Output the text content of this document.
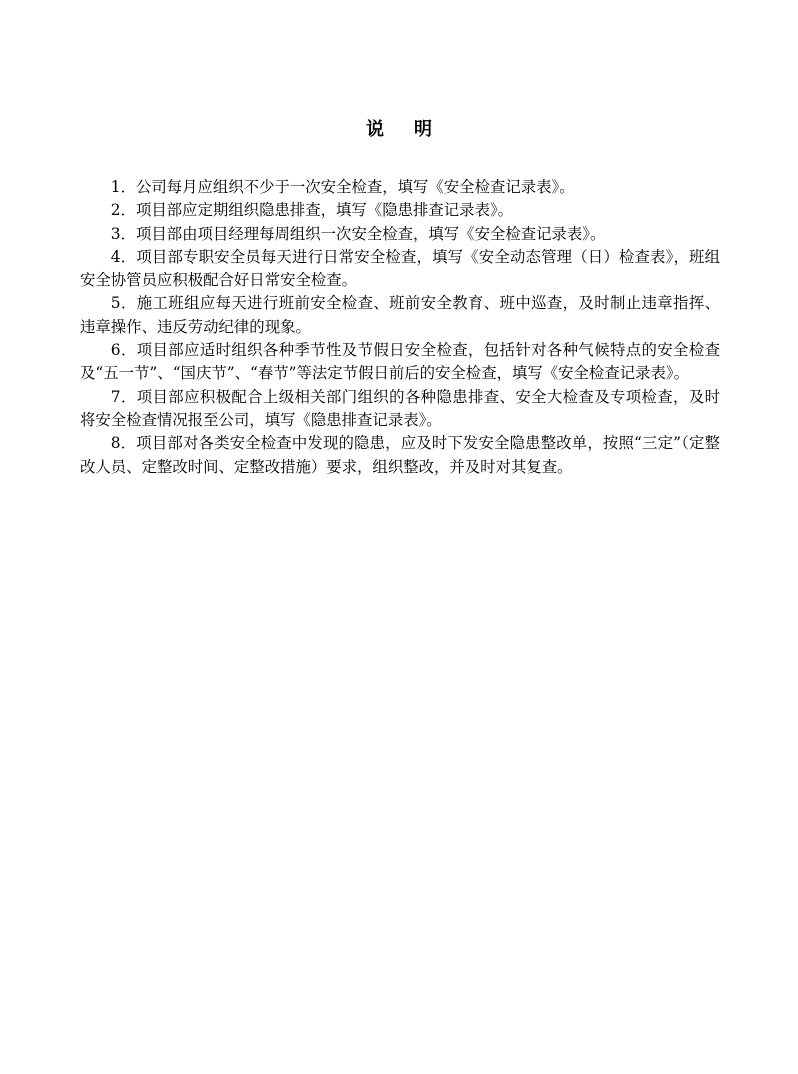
说明

1．公司每月应组织不少于一次安全检查，填写《安全检查记录表》。

2．项目部应定期组织隐患排查，填写《隐患排查记录表》。

3．项目部由项目经理每周组织一次安全检查，填写《安全检查记录表》。

4．项目部专职安全员每天进行日常安全检查，填写《安全动态管理（日）检查表》，班组安全协管员应积极配合好日常安全检查。

5．施工班组应每天进行班前安全检查、班前安全教育、班中巡查，及时制止违章指挥、违章操作、违反劳动纪律的现象。

6．项目部应适时组织各种季节性及节假日安全检查，包括针对各种气候特点的安全检查及“五一节”、“国庆节”、“春节”等法定节假日前后的安全检查，填写《安全检查记录表》。

7．项目部应积极配合上级相关部门组织的各种隐患排查、安全大检查及专项检查，及时将安全检查情况报至公司，填写《隐患排查记录表》。

8．项目部对各类安全检查中发现的隐患，应及时下发安全隐患整改单，按照“三定”（定整改人员、定整改时间、定整改措施）要求，组织整改，并及时对其复查。
